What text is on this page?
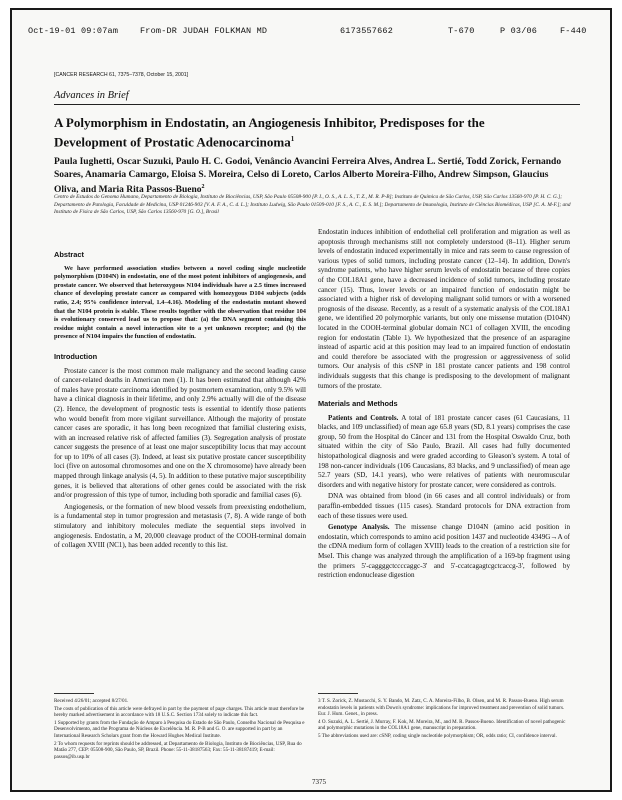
Oct-19-01 09:07am	From-DR JUDAH FOLKMAN MD	6173557662	T-670	P 03/06	F-440
[CANCER RESEARCH 61, 7375–7378, October 15, 2001]
Advances in Brief
A Polymorphism in Endostatin, an Angiogenesis Inhibitor, Predisposes for the Development of Prostatic Adenocarcinoma$^1$
Paula Iughetti, Oscar Suzuki, Paulo H. C. Godoi, Venâncio Avancini Ferreira Alves, Andrea L. Sertié, Todd Zorick, Fernando Soares, Anamaria Camargo, Eloisa S. Moreira, Celso di Loreto, Carlos Alberto Moreira-Filho, Andrew Simpson, Glaucius Oliva, and Maria Rita Passos-Bueno$^2$
Centro de Estudos do Genoma Humano, Departamento de Biologia, Instituto de Biociências, USP, São Paulo 05508-900 [P. I., O. S., A. L. S., T. Z., M. R. P-B]; Instituto de Química de São Carlos, USP, São Carlos 13560-970 [P. H. C. G.]; Departamento de Patologia, Faculdade de Medicina, USP 01246-903 [V. A. F. A., C. d. L.]; Instituto Ludwig, São Paulo 01509-010 [F. S., A. C., E. S. M.]; Departamento de Imunologia, Instituto de Ciências Biomédicas, USP [C. A. M-F.]; and Instituto de Física de São Carlos, USP, São Carlos 13560-970 [G. O.], Brasil
Abstract

We have performed association studies between a novel coding single nucleotide polymorphism (D104N) in endostatin, one of the most potent inhibitors of angiogenesis, and prostate cancer. We observed that heterozygous N104 individuals have a 2.5 times increased chance of developing prostate cancer as compared with homozygous D104 subjects (odds ratio, 2.4; 95% confidence interval, 1.4–4.16). Modeling of the endostatin mutant showed that the N104 protein is stable. These results together with the observation that residue 104 is evolutionary conserved lead us to propose that: (a) the DNA segment containing this residue might contain a novel interaction site to a yet unknown receptor; and (b) the presence of N104 impairs the function of endostatin.

Introduction

Prostate cancer is the most common male malignancy and the second leading cause of cancer-related deaths in American men (1). It has been estimated that although 42% of males have prostate carcinoma identified by postmortem examination, only 9.5% will have a clinical diagnosis in their lifetime, and only 2.9% actually will die of the disease (2). Hence, the development of prognostic tests is essential to identify those patients who would benefit from more vigilant surveillance. Although the majority of prostate cancer cases are sporadic, it has long been recognized that familial clustering exists, with an increased relative risk of affected families (3). Segregation analysis of prostate cancer suggests the presence of at least one major susceptibility locus that may account for up to 10% of all cases (3). Indeed, at least six putative prostate cancer susceptibility loci (five on autosomal chromosomes and one on the X chromosome) have already been mapped through linkage analysis (4, 5). In addition to these putative major susceptibility genes, it is believed that alterations of other genes could be associated with the risk and/or progression of this type of tumor, including both sporadic and familial cases (6).

Angiogenesis, or the formation of new blood vessels from preexisting endothelium, is a fundamental step in tumor progression and metastasis (7, 8). A wide range of both stimulatory and inhibitory molecules mediate the sequential steps involved in angiogenesis. Endostatin, a M, 20,000 cleavage product of the COOH-terminal domain of collagen XVIII (NC1), has been added recently to this list.

Endostatin induces inhibition of endothelial cell proliferation and migration as well as apoptosis through mechanisms still not completely understood (8–11). Higher serum levels of endostatin induced experimentally in mice and rats seem to cause regression of various types of solid tumors, including prostate cancer (12–14). In addition, Down's syndrome patients, who have higher serum levels of endostatin because of three copies of the COL18A1 gene, have a decreased incidence of solid tumors, including prostate cancer (15). Thus, lower levels or an impaired function of endostatin might be associated with a higher risk of developing malignant solid tumors or with a worsened prognosis of the disease. Recently, as a result of a systematic analysis of the COL18A1 gene, we identified 20 polymorphic variants, but only one missense mutation (D104N) located in the COOH-terminal globular domain NC1 of collagen XVIII, the encoding region for endostatin (Table 1). We hypothesized that the presence of an asparagine instead of aspartic acid at this position may lead to an impaired function of endostatin and could therefore be associated with the progression or aggressiveness of solid tumors. Our analysis of this cSNP in 181 prostate cancer patients and 198 control individuals suggests that this change is predisposing to the development of malignant tumors of the prostate.

Materials and Methods

Patients and Controls. A total of 181 prostate cancer cases (61 Caucasians, 11 blacks, and 109 unclassified) of mean age 65.8 years (SD, 8.1 years) comprises the case group, 50 from the Hospital do Câncer and 131 from the Hospital Oswaldo Cruz, both situated within the city of São Paulo, Brazil. All cases had fully documented histopathological diagnosis and were graded according to Gleason's system. A total of 198 non-cancer individuals (106 Caucasians, 83 blacks, and 9 unclassified) of mean age 52.7 years (SD, 14.1 years), who were relatives of patients with neuromuscular disorders and with negative history for prostate cancer, were considered as controls.

DNA was obtained from blood (in 66 cases and all control individuals) or from paraffin-embedded tissues (115 cases). Standard protocols for DNA extraction from each of these tissues were used.

Genotype Analysis. The missense change D104N (amino acid position in endostatin, which corresponds to amino acid position 1437 and nucleotide 4349G→A of the cDNA medium form of collagen XVIII) leads to the creation of a restriction site for MseI. This change was analyzed through the amplification of a 169-bp fragment using the primers 5'-caggggctccccaggc-3' and 5'-ccatcagagtcgctcaccg-3', followed by restriction endonuclease digestion

Received 4/26/01; accepted 8/27/01.

The costs of publication of this article were defrayed in part by the payment of page charges. This article must therefore be hereby marked advertisement in accordance with 18 U.S.C. Section 1734 solely to indicate this fact.

1 Supported by grants from the Fundação de Amparo à Pesquisa do Estado de São Paulo, Conselho Nacional de Pesquisa e Desenvolvimento, and the Programa de Núcleos de Excelência. M. R. P-B and G. O. are supported in part by an International Research Scholars grant from the Howard Hughes Medical Institute.

2 To whom requests for reprints should be addressed, at Departamento de Biologia, Instituto de Biociências, USP, Rua do Matão 277, CEP: 05508-900, São Paulo, SP, Brazil. Phone: 55-11-38187563; Fax: 55-11-38187419; E-mail: passos@ib.usp.br

3 T. S. Zorick, Z. Mustacchi, S. Y. Bando, M. Zatz, C. A. Moreira-Filho, B. Olsen, and M. R. Passos-Bueno. High serum endostatin levels in patients with Down's syndrome: implications for improved treatment and prevention of solid tumors. Eur. J. Hum. Genet., in press.

4 O. Suzuki, A. L. Sertié, J. Murray, F. Kok, M. Moreira, M., and M. R. Passos-Bueno. Identification of novel pathogenic and polymorphic mutations in the COL18A1 gene, manuscript in preparation.

5 The abbreviations used are: cSNP, coding single nucleotide polymorphism; OR, odds ratio; CI, confidence interval.

7375
